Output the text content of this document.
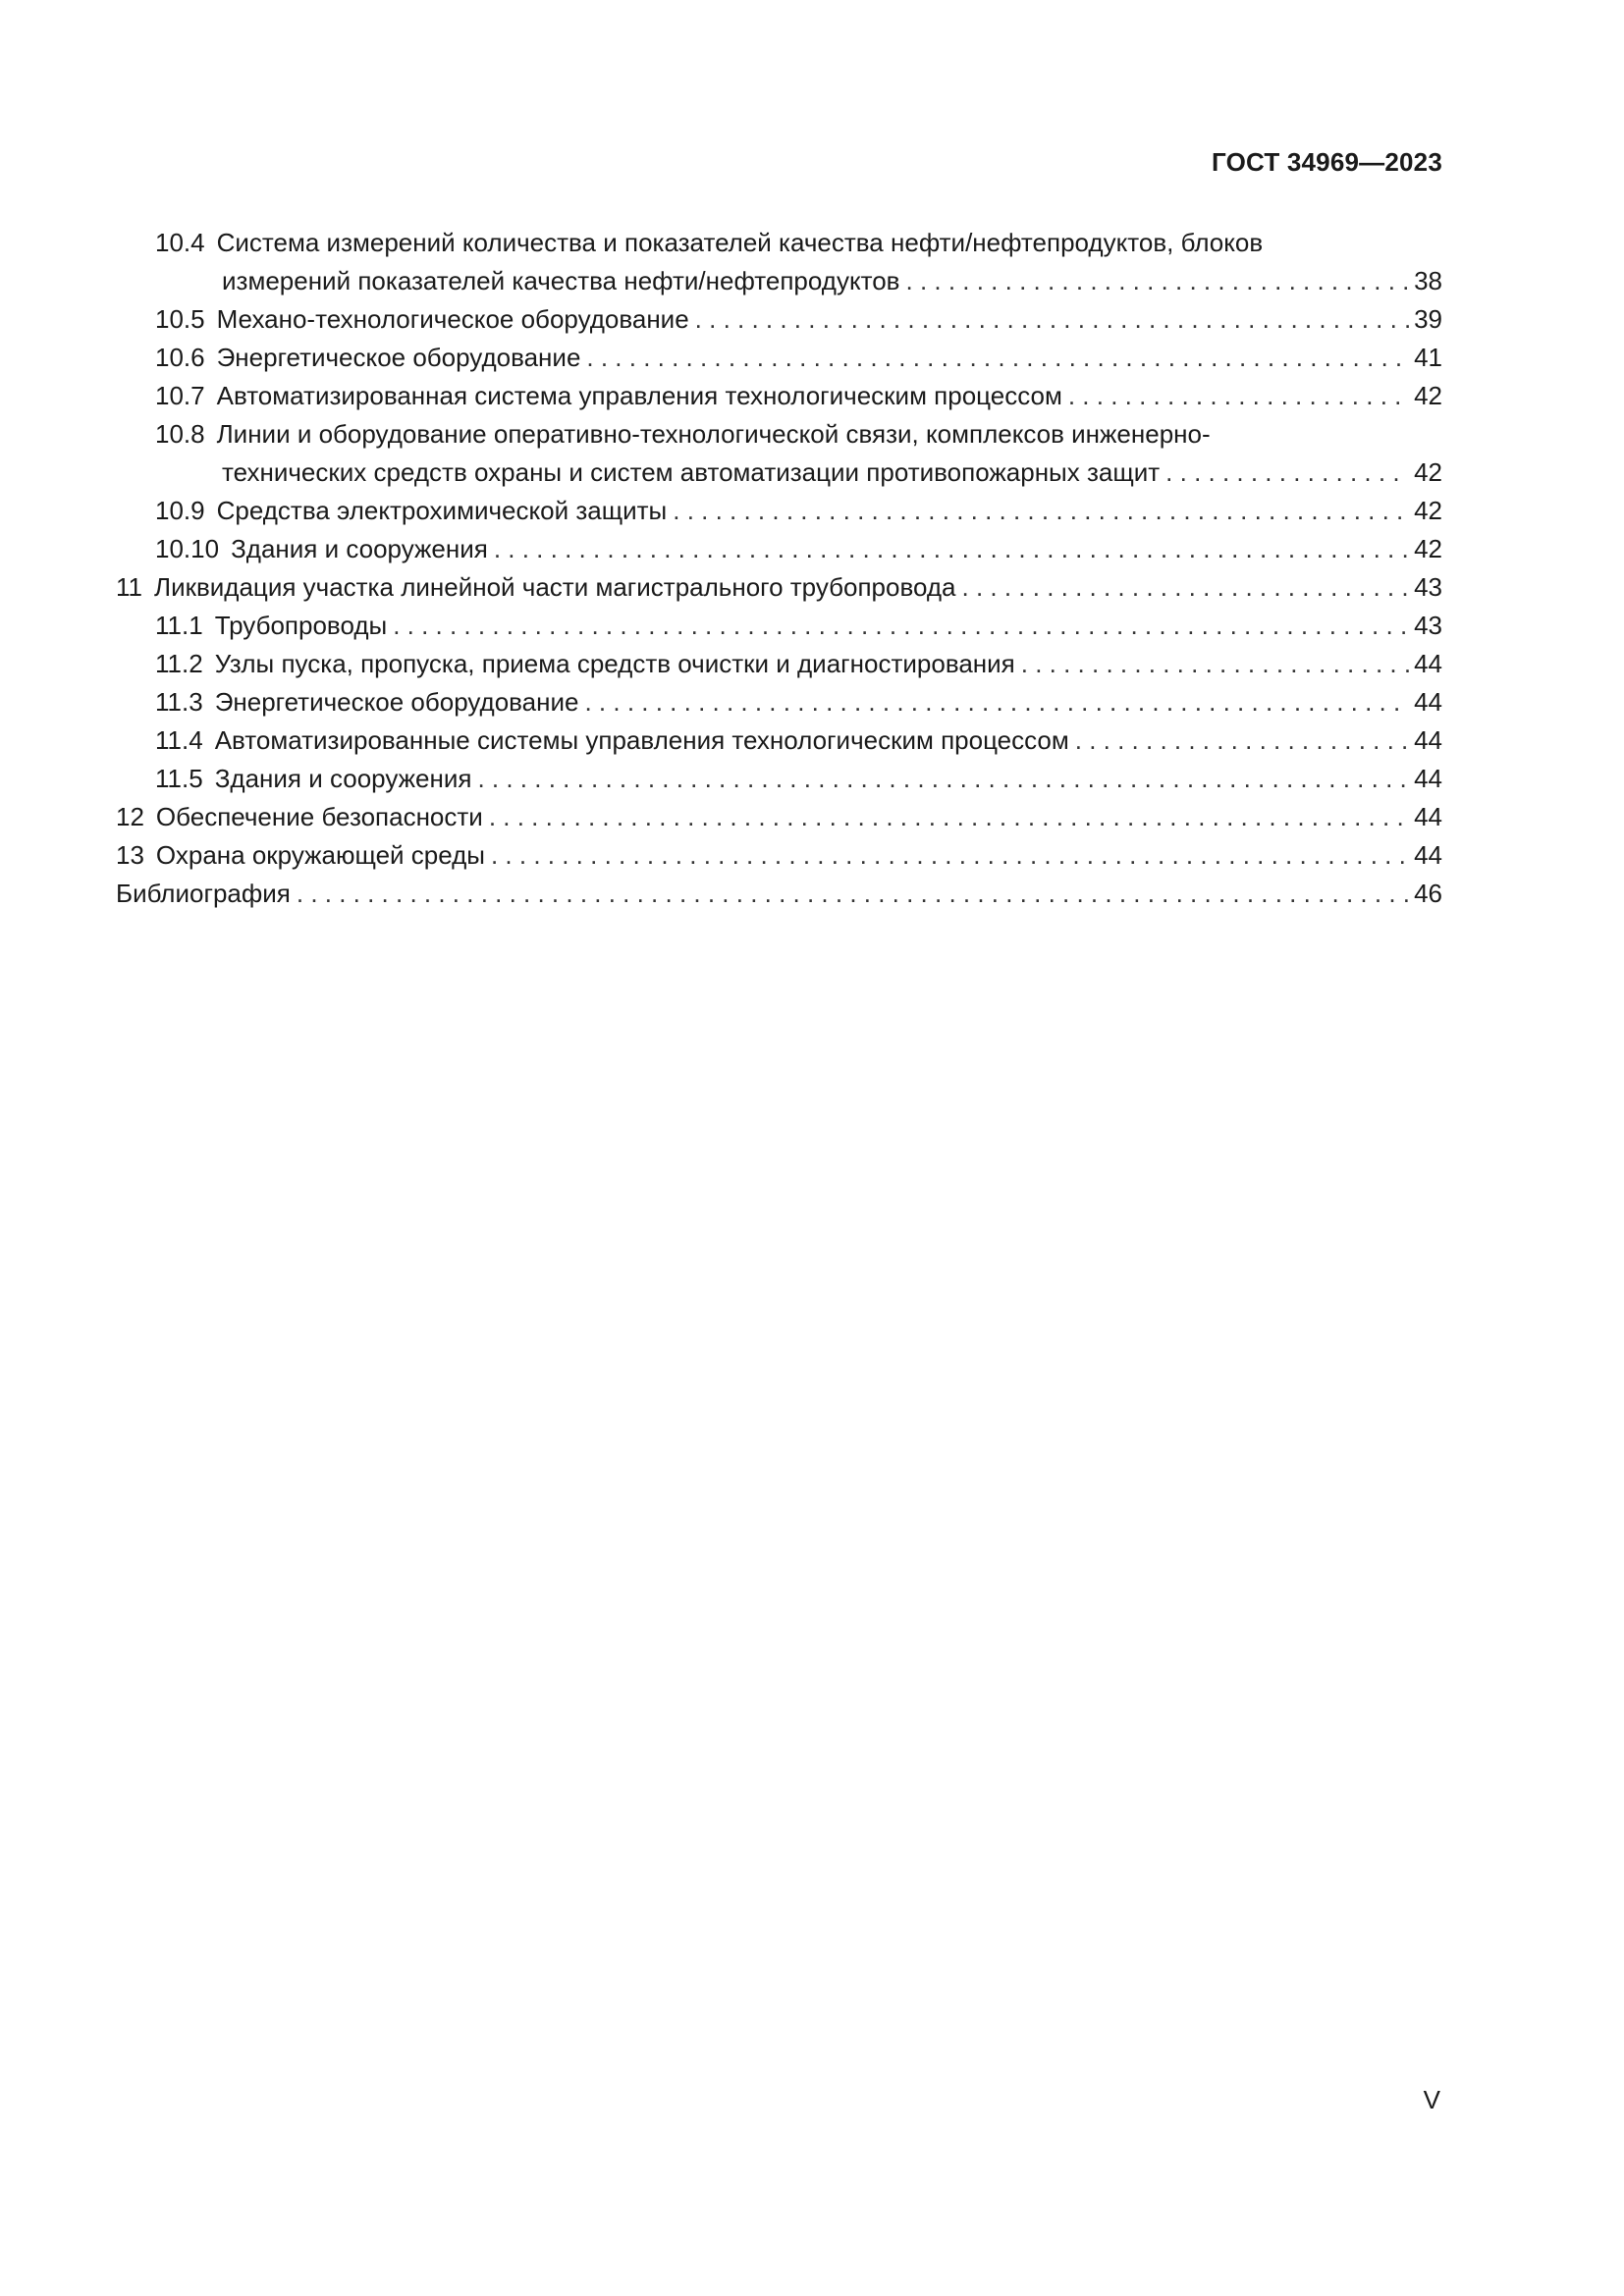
ГОСТ 34969—2023
10.4 Система измерений количества и показателей качества нефти/нефтепродуктов, блоков
измерений показателей качества нефти/нефтепродуктов . . .	38
10.5 Механо-технологическое оборудование . . .	39
10.6 Энергетическое оборудование . . .	41
10.7 Автоматизированная система управления технологическим процессом . . .	42
10.8 Линии и оборудование оперативно-технологической связи, комплексов инженерно-
технических средств охраны и систем автоматизации противопожарных защит . . .	42
10.9 Средства электрохимической защиты . . .	42
10.10 Здания и сооружения . . .	42
11 Ликвидация участка линейной части магистрального трубопровода . . .	43
11.1 Трубопроводы . . .	43
11.2 Узлы пуска, пропуска, приема средств очистки и диагностирования . . .	44
11.3 Энергетическое оборудование . . .	44
11.4 Автоматизированные системы управления технологическим процессом . . .	44
11.5 Здания и сооружения . . .	44
12 Обеспечение безопасности . . .	44
13 Охрана окружающей среды . . .	44
Библиография . . .	46
V
